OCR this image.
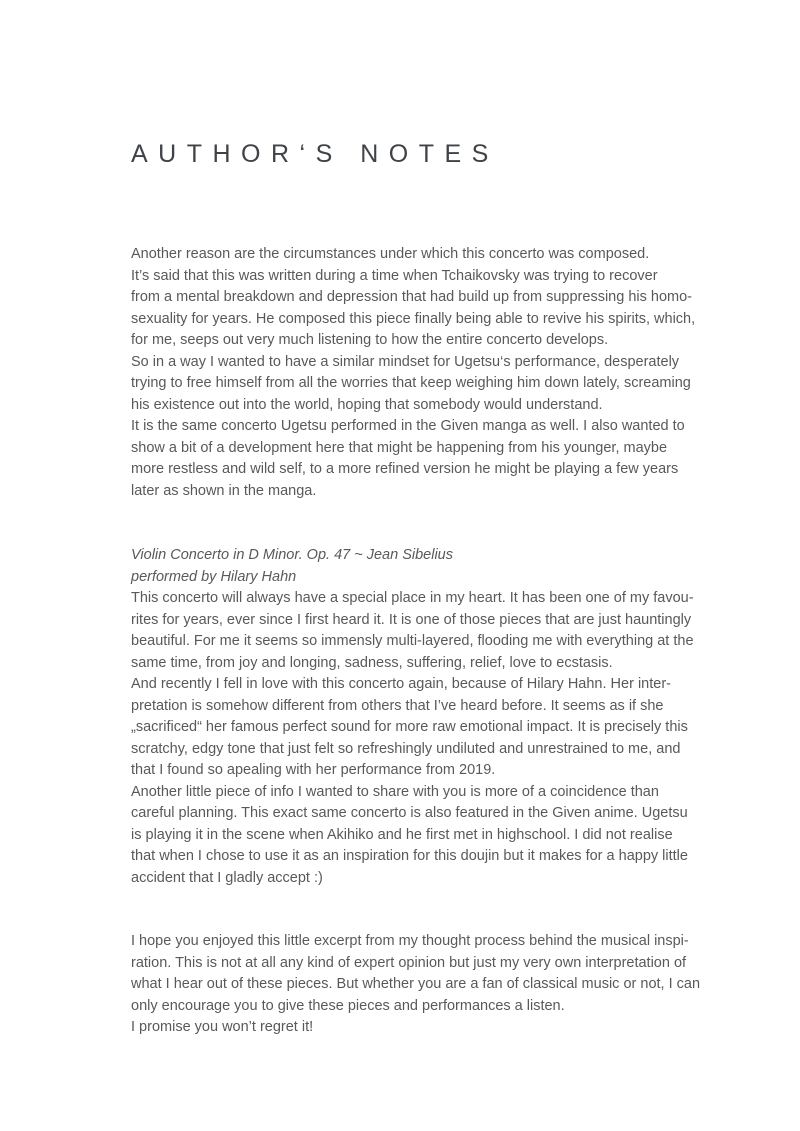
AUTHOR‘S NOTES
Another reason are the circumstances under which this concerto was composed.
It’s said that this was written during a time when Tchaikovsky was trying to recover
from a mental breakdown and depression that had build up from suppressing his homo-
sexuality for years. He composed this piece finally being able to revive his spirits, which,
for me, seeps out very much listening to how the entire concerto develops.
So in a way I wanted to have a similar mindset for Ugetsu‘s performance, desperately
trying to free himself from all the worries that keep weighing him down lately, screaming
his existence out into the world, hoping that somebody would understand.
It is the same concerto Ugetsu performed in the Given manga as well. I also wanted to
show a bit of a development here that might be happening from his younger, maybe
more restless and wild self, to a more refined version he might be playing a few years
later as shown in the manga.
Violin Concerto in D Minor. Op. 47 ~ Jean Sibelius
performed by Hilary Hahn
This concerto will always have a special place in my heart. It has been one of my favou-
rites for years, ever since I first heard it. It is one of those pieces that are just hauntingly
beautiful. For me it seems so immensly multi-layered, flooding me with everything at the
same time, from joy and longing, sadness, suffering, relief, love to ecstasis.
And recently I fell in love with this concerto again, because of Hilary Hahn. Her inter-
pretation is somehow different from others that I’ve heard before. It seems as if she
„sacrificed“ her famous perfect sound for more raw emotional impact. It is precisely this
scratchy, edgy tone that just felt so refreshingly undiluted and unrestrained to me, and
that I found so apealing with her performance from 2019.
Another little piece of info I wanted to share with you is more of a coincidence than
careful planning. This exact same concerto is also featured in the Given anime. Ugetsu
is playing it in the scene when Akihiko and he first met in highschool. I did not realise
that when I chose to use it as an inspiration for this doujin but it makes for a happy little
accident that I gladly accept :)
I hope you enjoyed this little excerpt from my thought process behind the musical inspi-
ration. This is not at all any kind of expert opinion but just my very own interpretation of
what I hear out of these pieces. But whether you are a fan of classical music or not, I can
only encourage you to give these pieces and performances a listen.
I promise you won’t regret it!
